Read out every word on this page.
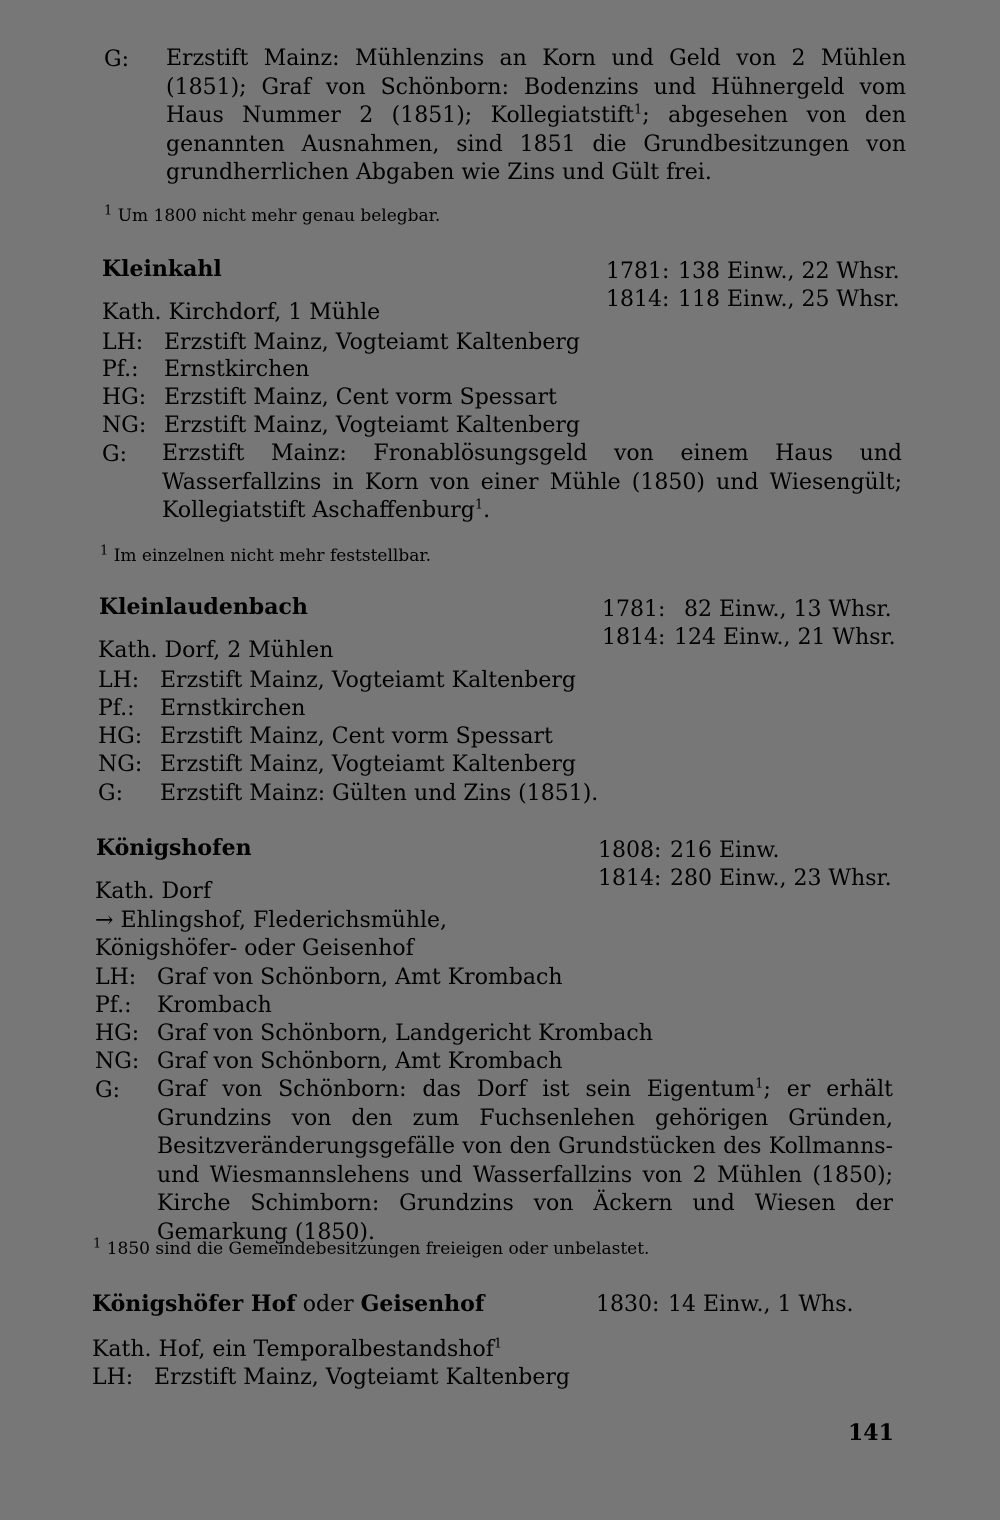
G: Erzstift Mainz: Mühlenzins an Korn und Geld von 2 Mühlen (1851); Graf von Schönborn: Bodenzins und Hühnergeld vom Haus Nummer 2 (1851); Kollegiatstift$^1$; abgesehen von den genannten Ausnahmen, sind 1851 die Grundbesitzungen von grundherrlichen Abgaben wie Zins und Gült frei.
$^1$ Um 1800 nicht mehr genau belegbar.
Kleinkahl	1781: 138 Einw., 22 Whsr.
1814: 118 Einw., 25 Whsr.
Kath. Kirchdorf, 1 Mühle
LH: Erzstift Mainz, Vogteiamt Kaltenberg
Pf.: Ernstkirchen
HG: Erzstift Mainz, Cent vorm Spessart
NG: Erzstift Mainz, Vogteiamt Kaltenberg
G: Erzstift Mainz: Fronablösungsgeld von einem Haus und Wasserfallzins in Korn von einer Mühle (1850) und Wiesengült; Kollegiatstift Aschaffenburg$^1$.
$^1$ Im einzelnen nicht mehr feststellbar.
Kleinlaudenbach	1781: 82 Einw., 13 Whsr.
1814: 124 Einw., 21 Whsr.
Kath. Dorf, 2 Mühlen
LH: Erzstift Mainz, Vogteiamt Kaltenberg
Pf.: Ernstkirchen
HG: Erzstift Mainz, Cent vorm Spessart
NG: Erzstift Mainz, Vogteiamt Kaltenberg
G: Erzstift Mainz: Gülten und Zins (1851).
Königshofen	1808: 216 Einw.
1814: 280 Einw., 23 Whsr.
Kath. Dorf
→ Ehlingshof, Flederichsmühle,
Königshöfer- oder Geisenhof
LH: Graf von Schönborn, Amt Krombach
Pf.: Krombach
HG: Graf von Schönborn, Landgericht Krombach
NG: Graf von Schönborn, Amt Krombach
G: Graf von Schönborn: das Dorf ist sein Eigentum$^1$; er erhält Grundzins von den zum Fuchsenlehen gehörigen Gründen, Besitzveränderungsgefälle von den Grundstücken des Kollmanns- und Wiesmannslehens und Wasserfallzins von 2 Mühlen (1850); Kirche Schimborn: Grundzins von Äckern und Wiesen der Gemarkung (1850).
$^1$ 1850 sind die Gemeindebesitzungen freieigen oder unbelastet.
Königshöfer Hof oder Geisenhof	1830: 14 Einw., 1 Whs.
Kath. Hof, ein Temporalbestandshof$^1$
LH: Erzstift Mainz, Vogteiamt Kaltenberg
141
